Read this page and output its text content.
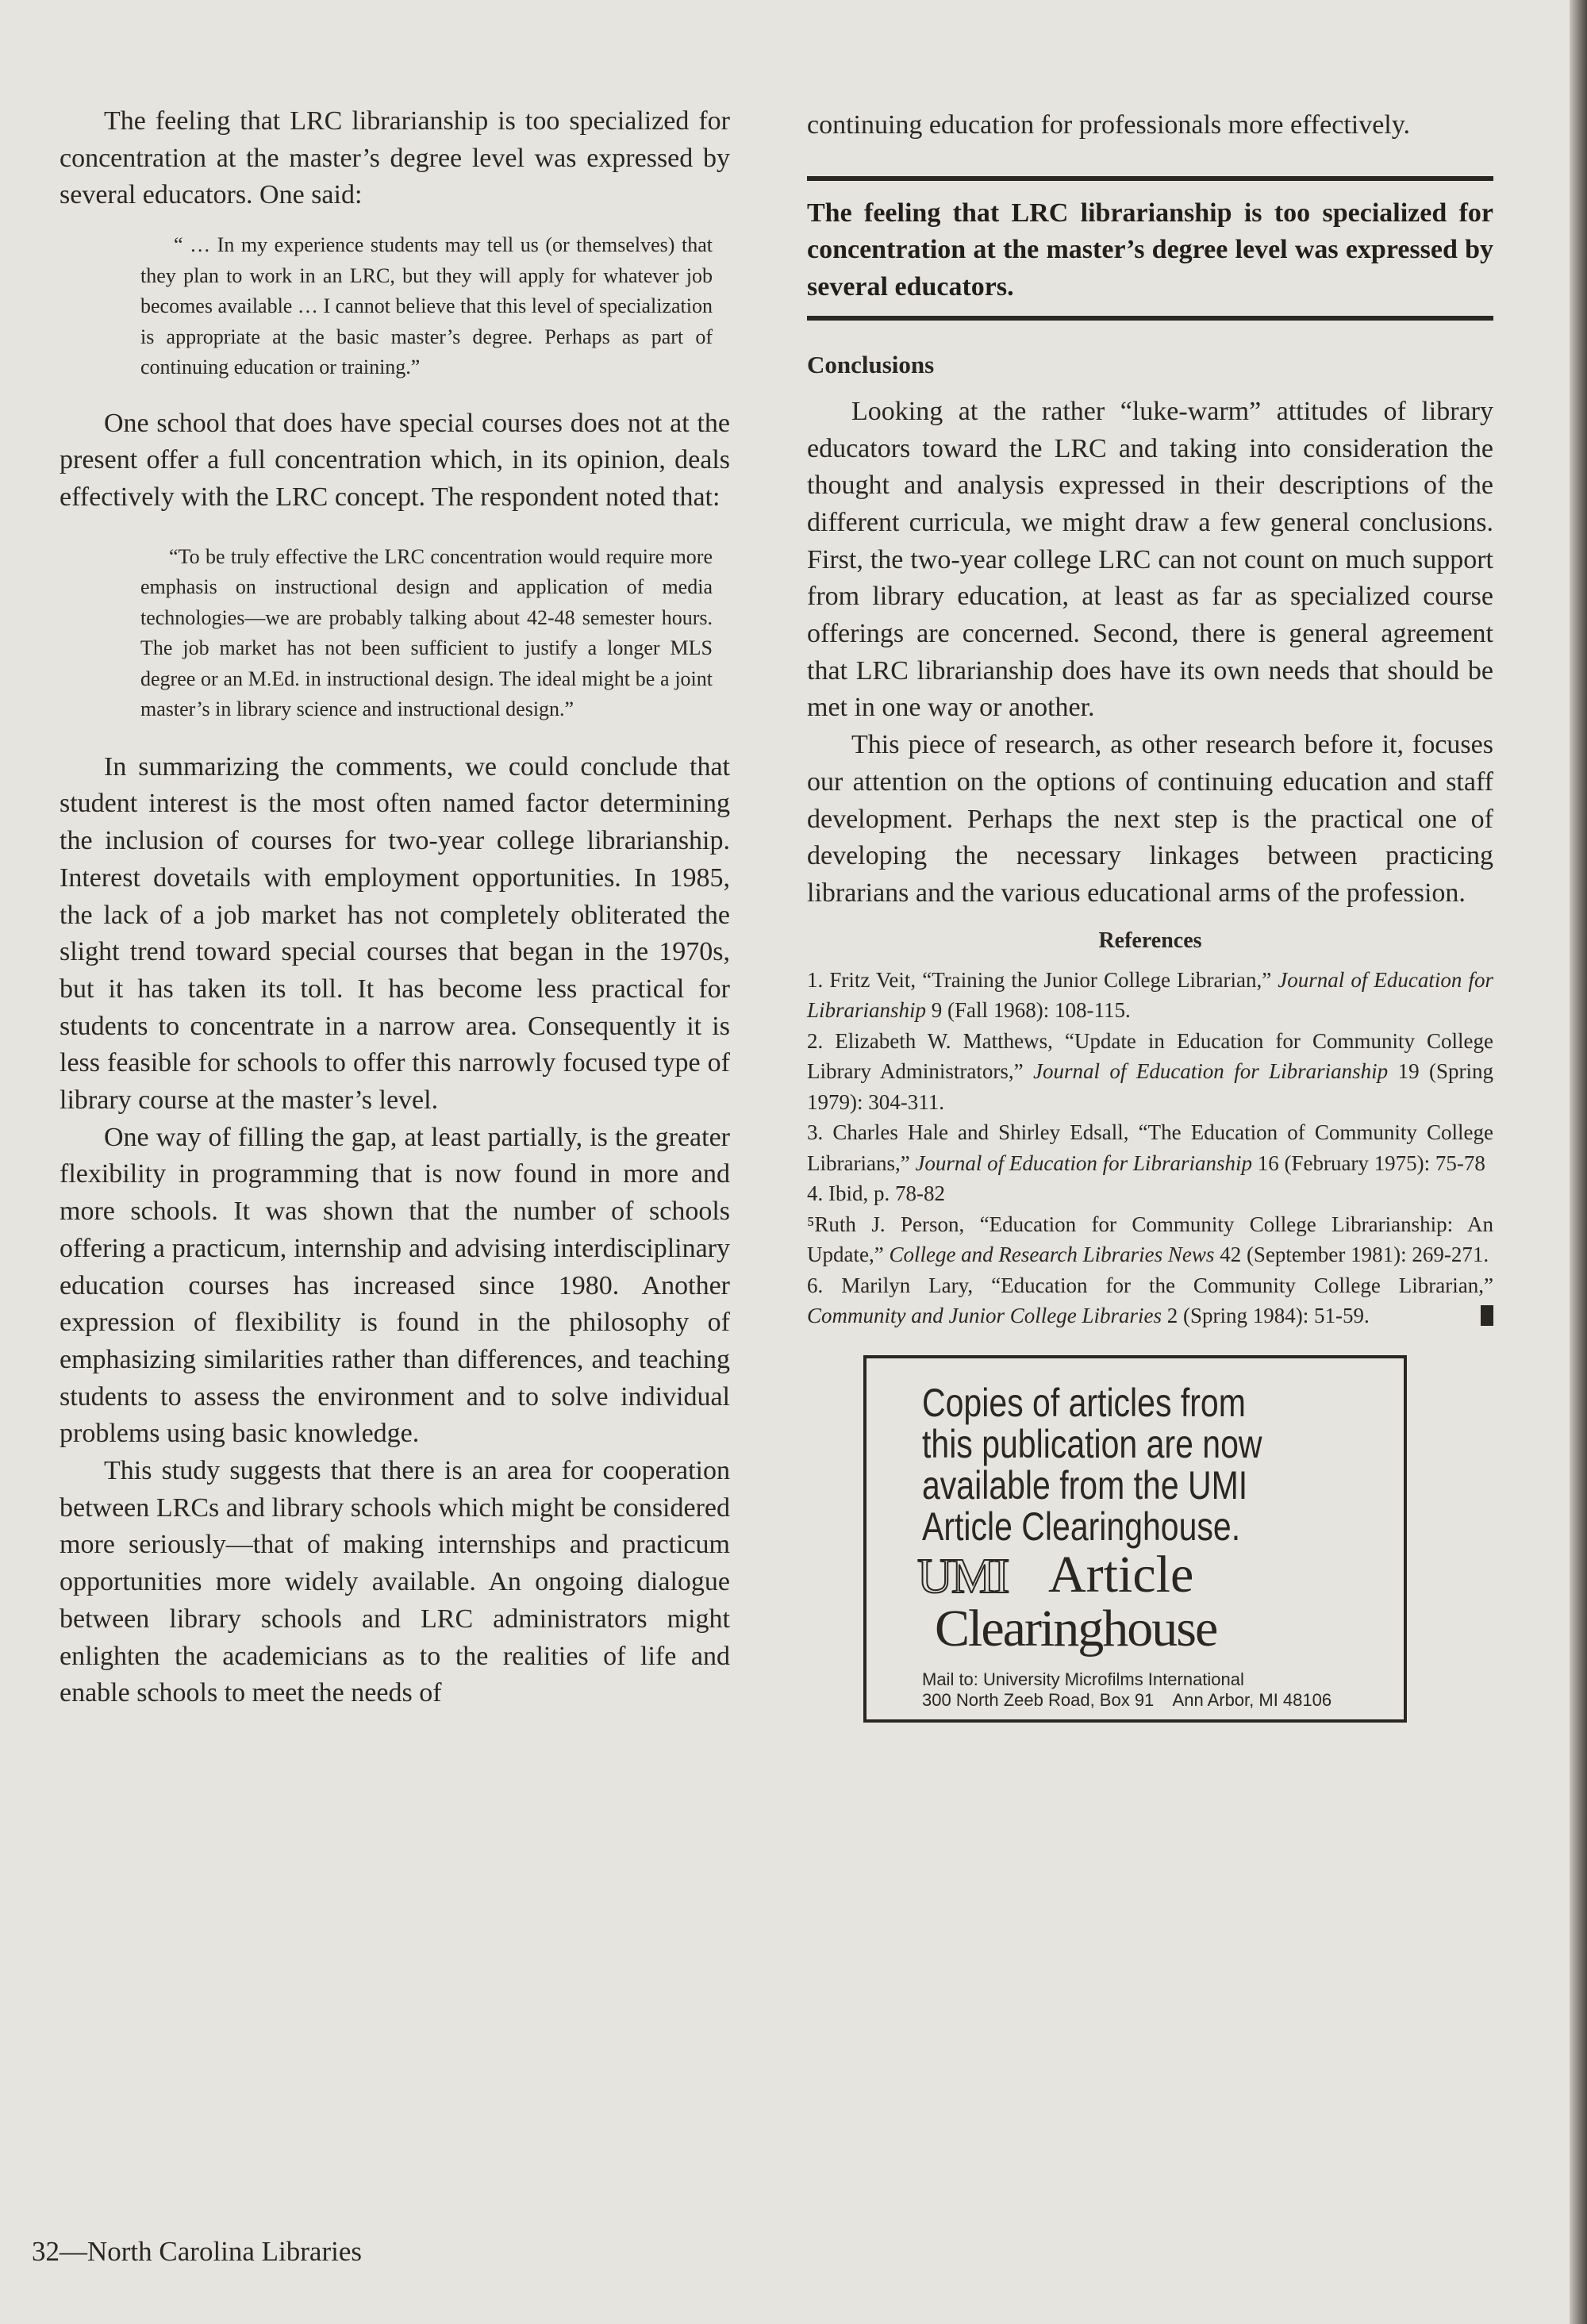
The feeling that LRC librarianship is too specialized for concentration at the master’s degree level was expressed by several educators. One said:

“ … In my experience students may tell us (or themselves) that they plan to work in an LRC, but they will apply for whatever job becomes available … I cannot believe that this level of specialization is appropriate at the basic master’s degree. Perhaps as part of continuing education or training.”

One school that does have special courses does not at the present offer a full concentration which, in its opinion, deals effectively with the LRC concept. The respondent noted that:

“To be truly effective the LRC concentration would require more emphasis on instructional design and application of media technologies—we are probably talking about 42-48 semester hours. The job market has not been sufficient to justify a longer MLS degree or an M.Ed. in instructional design. The ideal might be a joint master’s in library science and instructional design.”

In summarizing the comments, we could conclude that student interest is the most often named factor determining the inclusion of courses for two-year college librarianship. Interest dovetails with employment opportunities. In 1985, the lack of a job market has not completely obliterated the slight trend toward special courses that began in the 1970s, but it has taken its toll. It has become less practical for students to concentrate in a narrow area. Consequently it is less feasible for schools to offer this narrowly focused type of library course at the master’s level.

One way of filling the gap, at least partially, is the greater flexibility in programming that is now found in more and more schools. It was shown that the number of schools offering a practicum, internship and advising interdisciplinary education courses has increased since 1980. Another expression of flexibility is found in the philosophy of emphasizing similarities rather than differences, and teaching students to assess the environment and to solve individual problems using basic knowledge.

This study suggests that there is an area for cooperation between LRCs and library schools which might be considered more seriously—that of making internships and practicum opportunities more widely available. An ongoing dialogue between library schools and LRC administrators might enlighten the academicians as to the realities of life and enable schools to meet the needs of

continuing education for professionals more effectively.

The feeling that LRC librarianship is too specialized for concentration at the master’s degree level was expressed by several educators.

Conclusions

Looking at the rather “luke-warm” attitudes of library educators toward the LRC and taking into consideration the thought and analysis expressed in their descriptions of the different curricula, we might draw a few general conclusions. First, the two-year college LRC can not count on much support from library education, at least as far as specialized course offerings are concerned. Second, there is general agreement that LRC librarianship does have its own needs that should be met in one way or another.

This piece of research, as other research before it, focuses our attention on the options of continuing education and staff development. Perhaps the next step is the practical one of developing the necessary linkages between practicing librarians and the various educational arms of the profession.

References

1. Fritz Veit, “Training the Junior College Librarian,” Journal of Education for Librarianship 9 (Fall 1968): 108-115.

2. Elizabeth W. Matthews, “Update in Education for Community College Library Administrators,” Journal of Education for Librarianship 19 (Spring 1979): 304-311.

3. Charles Hale and Shirley Edsall, “The Education of Community College Librarians,” Journal of Education for Librarianship 16 (February 1975): 75-78

4. Ibid, p. 78-82

⁵Ruth J. Person, “Education for Community College Librarianship: An Update,” College and Research Libraries News 42 (September 1981): 269-271.

6. Marilyn Lary, “Education for the Community College Librarian,” Community and Junior College Libraries 2 (Spring 1984): 51-59.

Copies of articles from
this publication are now
available from the UMI
Article Clearinghouse.
UMI Article
Clearinghouse
Mail to: University Microfilms International
300 North Zeeb Road, Box 91    Ann Arbor, MI 48106
32—North Carolina Libraries
